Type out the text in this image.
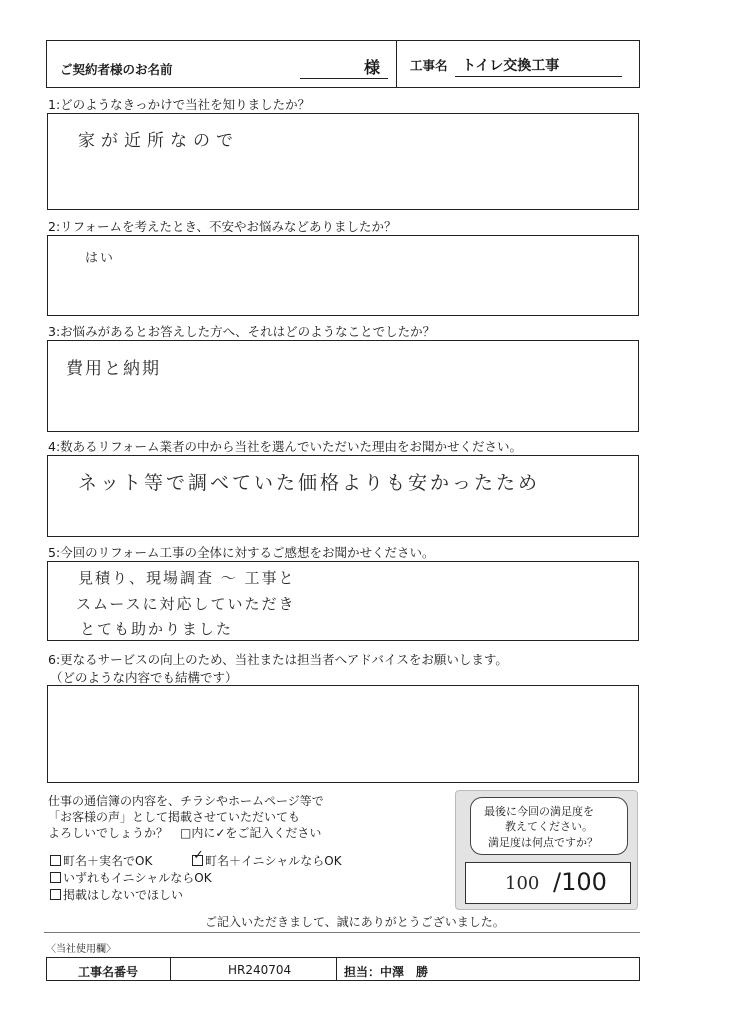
ご契約者様のお名前	様 工事名 トイレ交換工事
1:どのようなきっかけで当社を知りましたか？
家が近所なので
2:リフォームを考えたとき、不安やお悩みなどありましたか？
はい
3:お悩みがあるとお答えした方へ、それはどのようなことでしたか？
費用と納期
4:数あるリフォーム業者の中から当社を選んでいただいた理由をお聞かせください。
ネット等で調べていた価格よりも安かったため
5:今回のリフォーム工事の全体に対するご感想をお聞かせください。
見積り、現場調査 〜 工事と
スムースに対応していただき
とても助かりました
6:更なるサービスの向上のため、当社または担当者へアドバイスをお願いします。
（どのような内容でも結構です）
仕事の通信簿の内容を、チラシやホームページ等で
「お客様の声」として掲載させていただいても
よろしいでしょうか？　□内に✓をご記入ください
町名＋実名でOK	✓ 町名＋イニシャルならOK
いずれもイニシャルならOK
掲載はしないでほしい
最後に今回の満足度を
教えてください。
満足度は何点ですか？
100 /100
ご記入いただきまして、誠にありがとうございました。
〈当社使用欄〉
工事名番号	HR240704	担当： 中澤　勝
